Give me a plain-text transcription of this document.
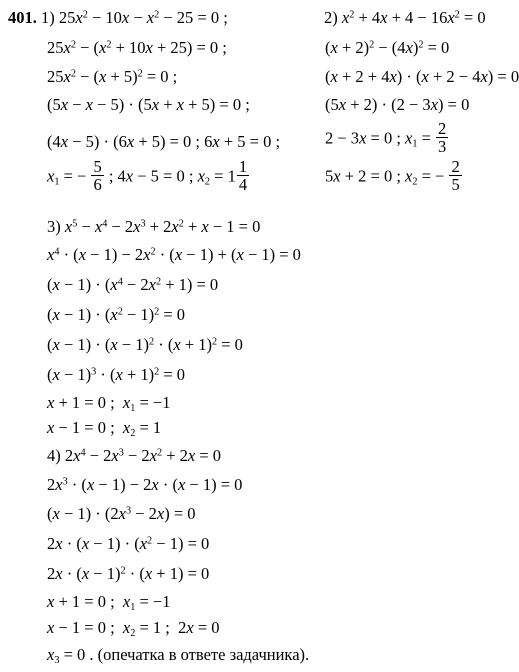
401. 1) $25x^2 - 10x - x^2 - 25 = 0$ ;	2) $x^2 + 4x + 4 - 16x^2 = 0$
$25x^2 - (x^2 + 10x + 25) = 0$ ;	$(x + 2)^2 - (4x)^2 = 0$
$25x^2 - (x + 5)^2 = 0$ ;	(x + 2 + 4x) · (x + 2 − 4x) = 0
(5x − x − 5) · (5x + x + 5) = 0 ;	(5x + 2) · (2 − 3x) = 0
(4x − 5) · (6x + 5) = 0 ; 6x + 5 = 0 ;	2 − 3x = 0 ; $x_1 = \frac{2}{3}$
$x_1$ = − $\frac{5}{6}$ ; 4x − 5 = 0 ; $x_2 = 1 \frac{1}{4}$	5x + 2 = 0 ; $x_2$ = − $\frac{2}{5}$
3) $x^5 - x^4 - 2x^3 + 2x^2 + x - 1 = 0$
$x^4 \cdot (x - 1) - 2x^2 \cdot (x - 1) + (x - 1) = 0$
$(x - 1) \cdot (x^4 - 2x^2 + 1) = 0$
$(x - 1) \cdot (x^2 - 1)^2 = 0$
$(x - 1) \cdot (x - 1)^2 \cdot (x + 1)^2 = 0$
$(x - 1)^3 \cdot (x + 1)^2 = 0$
x + 1 = 0 ;  $x_1 = -1$
x − 1 = 0 ;  $x_2 = 1$
4) $2x^4 - 2x^3 - 2x^2 + 2x = 0$
$2x^3 \cdot (x - 1) - 2x \cdot (x - 1) = 0$
$(x - 1) \cdot (2x^3 - 2x) = 0$
$2x \cdot (x - 1) \cdot (x^2 - 1) = 0$
$2x \cdot (x - 1)^2 \cdot (x + 1) = 0$
x + 1 = 0 ;  $x_1 = -1$
x − 1 = 0 ;  $x_2 = 1$ ;  2x = 0
$x_3 = 0$ . (опечатка в ответе задачника).
